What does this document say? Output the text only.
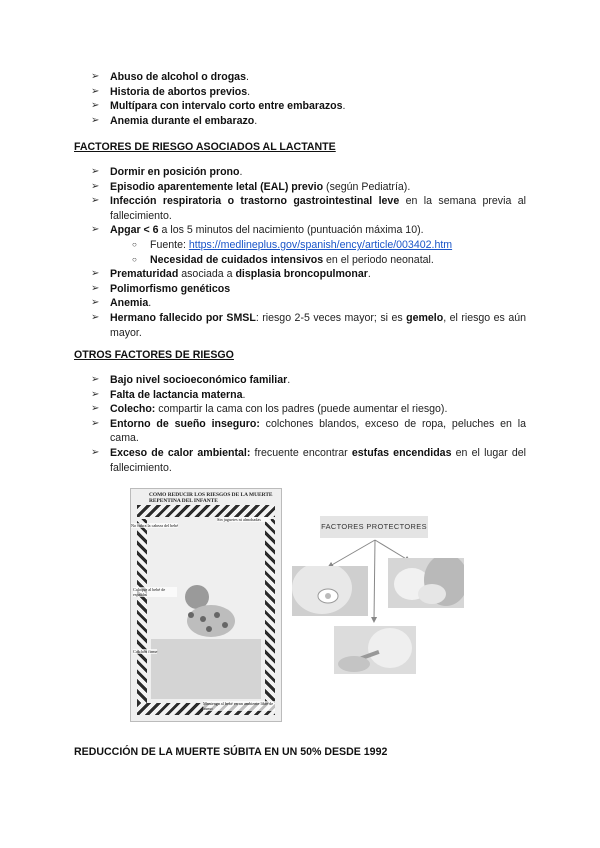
➢ Abuso de alcohol o drogas.
➢ Historia de abortos previos.
➢ Multípara con intervalo corto entre embarazos.
➢ Anemia durante el embarazo.
FACTORES DE RIESGO ASOCIADOS AL LACTANTE
➢ Dormir en posición prono.
➢ Episodio aparentemente letal (EAL) previo (según Pediatría).
➢ Infección respiratoria o trastorno gastrointestinal leve en la semana previa al fallecimiento.
➢ Apgar < 6 a los 5 minutos del nacimiento (puntuación máxima 10).
○ Fuente: https://medlineplus.gov/spanish/ency/article/003402.htm
○ Necesidad de cuidados intensivos en el periodo neonatal.
➢ Prematuridad asociada a displasia broncopulmonar.
➢ Polimorfismo genéticos
➢ Anemia.
➢ Hermano fallecido por SMSL: riesgo 2-5 veces mayor; si es gemelo, el riesgo es aún mayor.
OTROS FACTORES DE RIESGO
➢ Bajo nivel socioeconómico familiar.
➢ Falta de lactancia materna.
➢ Colecho: compartir la cama con los padres (puede aumentar el riesgo).
➢ Entorno de sueño inseguro: colchones blandos, exceso de ropa, peluches en la cama.
➢ Exceso de calor ambiental: frecuente encontrar estufas encendidas en el lugar del fallecimiento.
COMO REDUCIR LOS RIESGOS DE LA MUERTE
REPENTINA DEL INFANTE
No cubra la cabeza del bebé
Sin juguetes ni almohadas
Coloque al bebé de espaldas
Colchón firme
Mantenga al bebé en un ambiente libre de humo
FACTORES PROTECTORES
REDUCCIÓN DE LA MUERTE SÚBITA EN UN 50% DESDE 1992
